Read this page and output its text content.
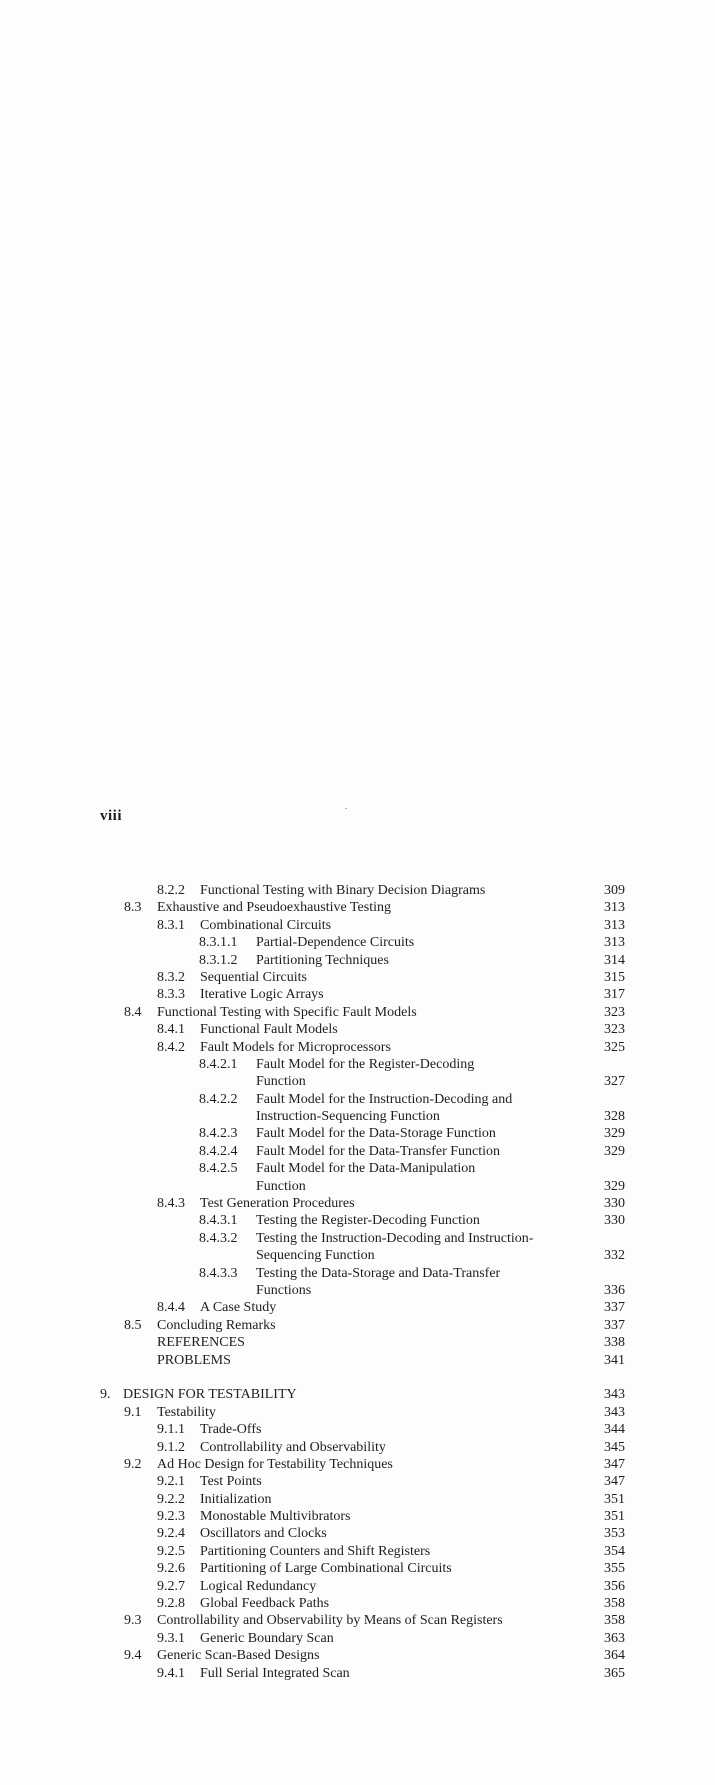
viii
8.2.2 Functional Testing with Binary Decision Diagrams	309
8.3 Exhaustive and Pseudoexhaustive Testing	313
8.3.1 Combinational Circuits	313
8.3.1.1 Partial-Dependence Circuits	313
8.3.1.2 Partitioning Techniques	314
8.3.2 Sequential Circuits	315
8.3.3 Iterative Logic Arrays	317
8.4 Functional Testing with Specific Fault Models	323
8.4.1 Functional Fault Models	323
8.4.2 Fault Models for Microprocessors	325
8.4.2.1 Fault Model for the Register-Decoding
Function	327
8.4.2.2 Fault Model for the Instruction-Decoding and
Instruction-Sequencing Function	328
8.4.2.3 Fault Model for the Data-Storage Function	329
8.4.2.4 Fault Model for the Data-Transfer Function	329
8.4.2.5 Fault Model for the Data-Manipulation
Function	329
8.4.3 Test Generation Procedures	330
8.4.3.1 Testing the Register-Decoding Function	330
8.4.3.2 Testing the Instruction-Decoding and Instruction-
Sequencing Function	332
8.4.3.3 Testing the Data-Storage and Data-Transfer
Functions	336
8.4.4 A Case Study	337
8.5 Concluding Remarks	337
REFERENCES	338
PROBLEMS	341
9. DESIGN FOR TESTABILITY	343
9.1 Testability	343
9.1.1 Trade-Offs	344
9.1.2 Controllability and Observability	345
9.2 Ad Hoc Design for Testability Techniques	347
9.2.1 Test Points	347
9.2.2 Initialization	351
9.2.3 Monostable Multivibrators	351
9.2.4 Oscillators and Clocks	353
9.2.5 Partitioning Counters and Shift Registers	354
9.2.6 Partitioning of Large Combinational Circuits	355
9.2.7 Logical Redundancy	356
9.2.8 Global Feedback Paths	358
9.3 Controllability and Observability by Means of Scan Registers	358
9.3.1 Generic Boundary Scan	363
9.4 Generic Scan-Based Designs	364
9.4.1 Full Serial Integrated Scan	365
